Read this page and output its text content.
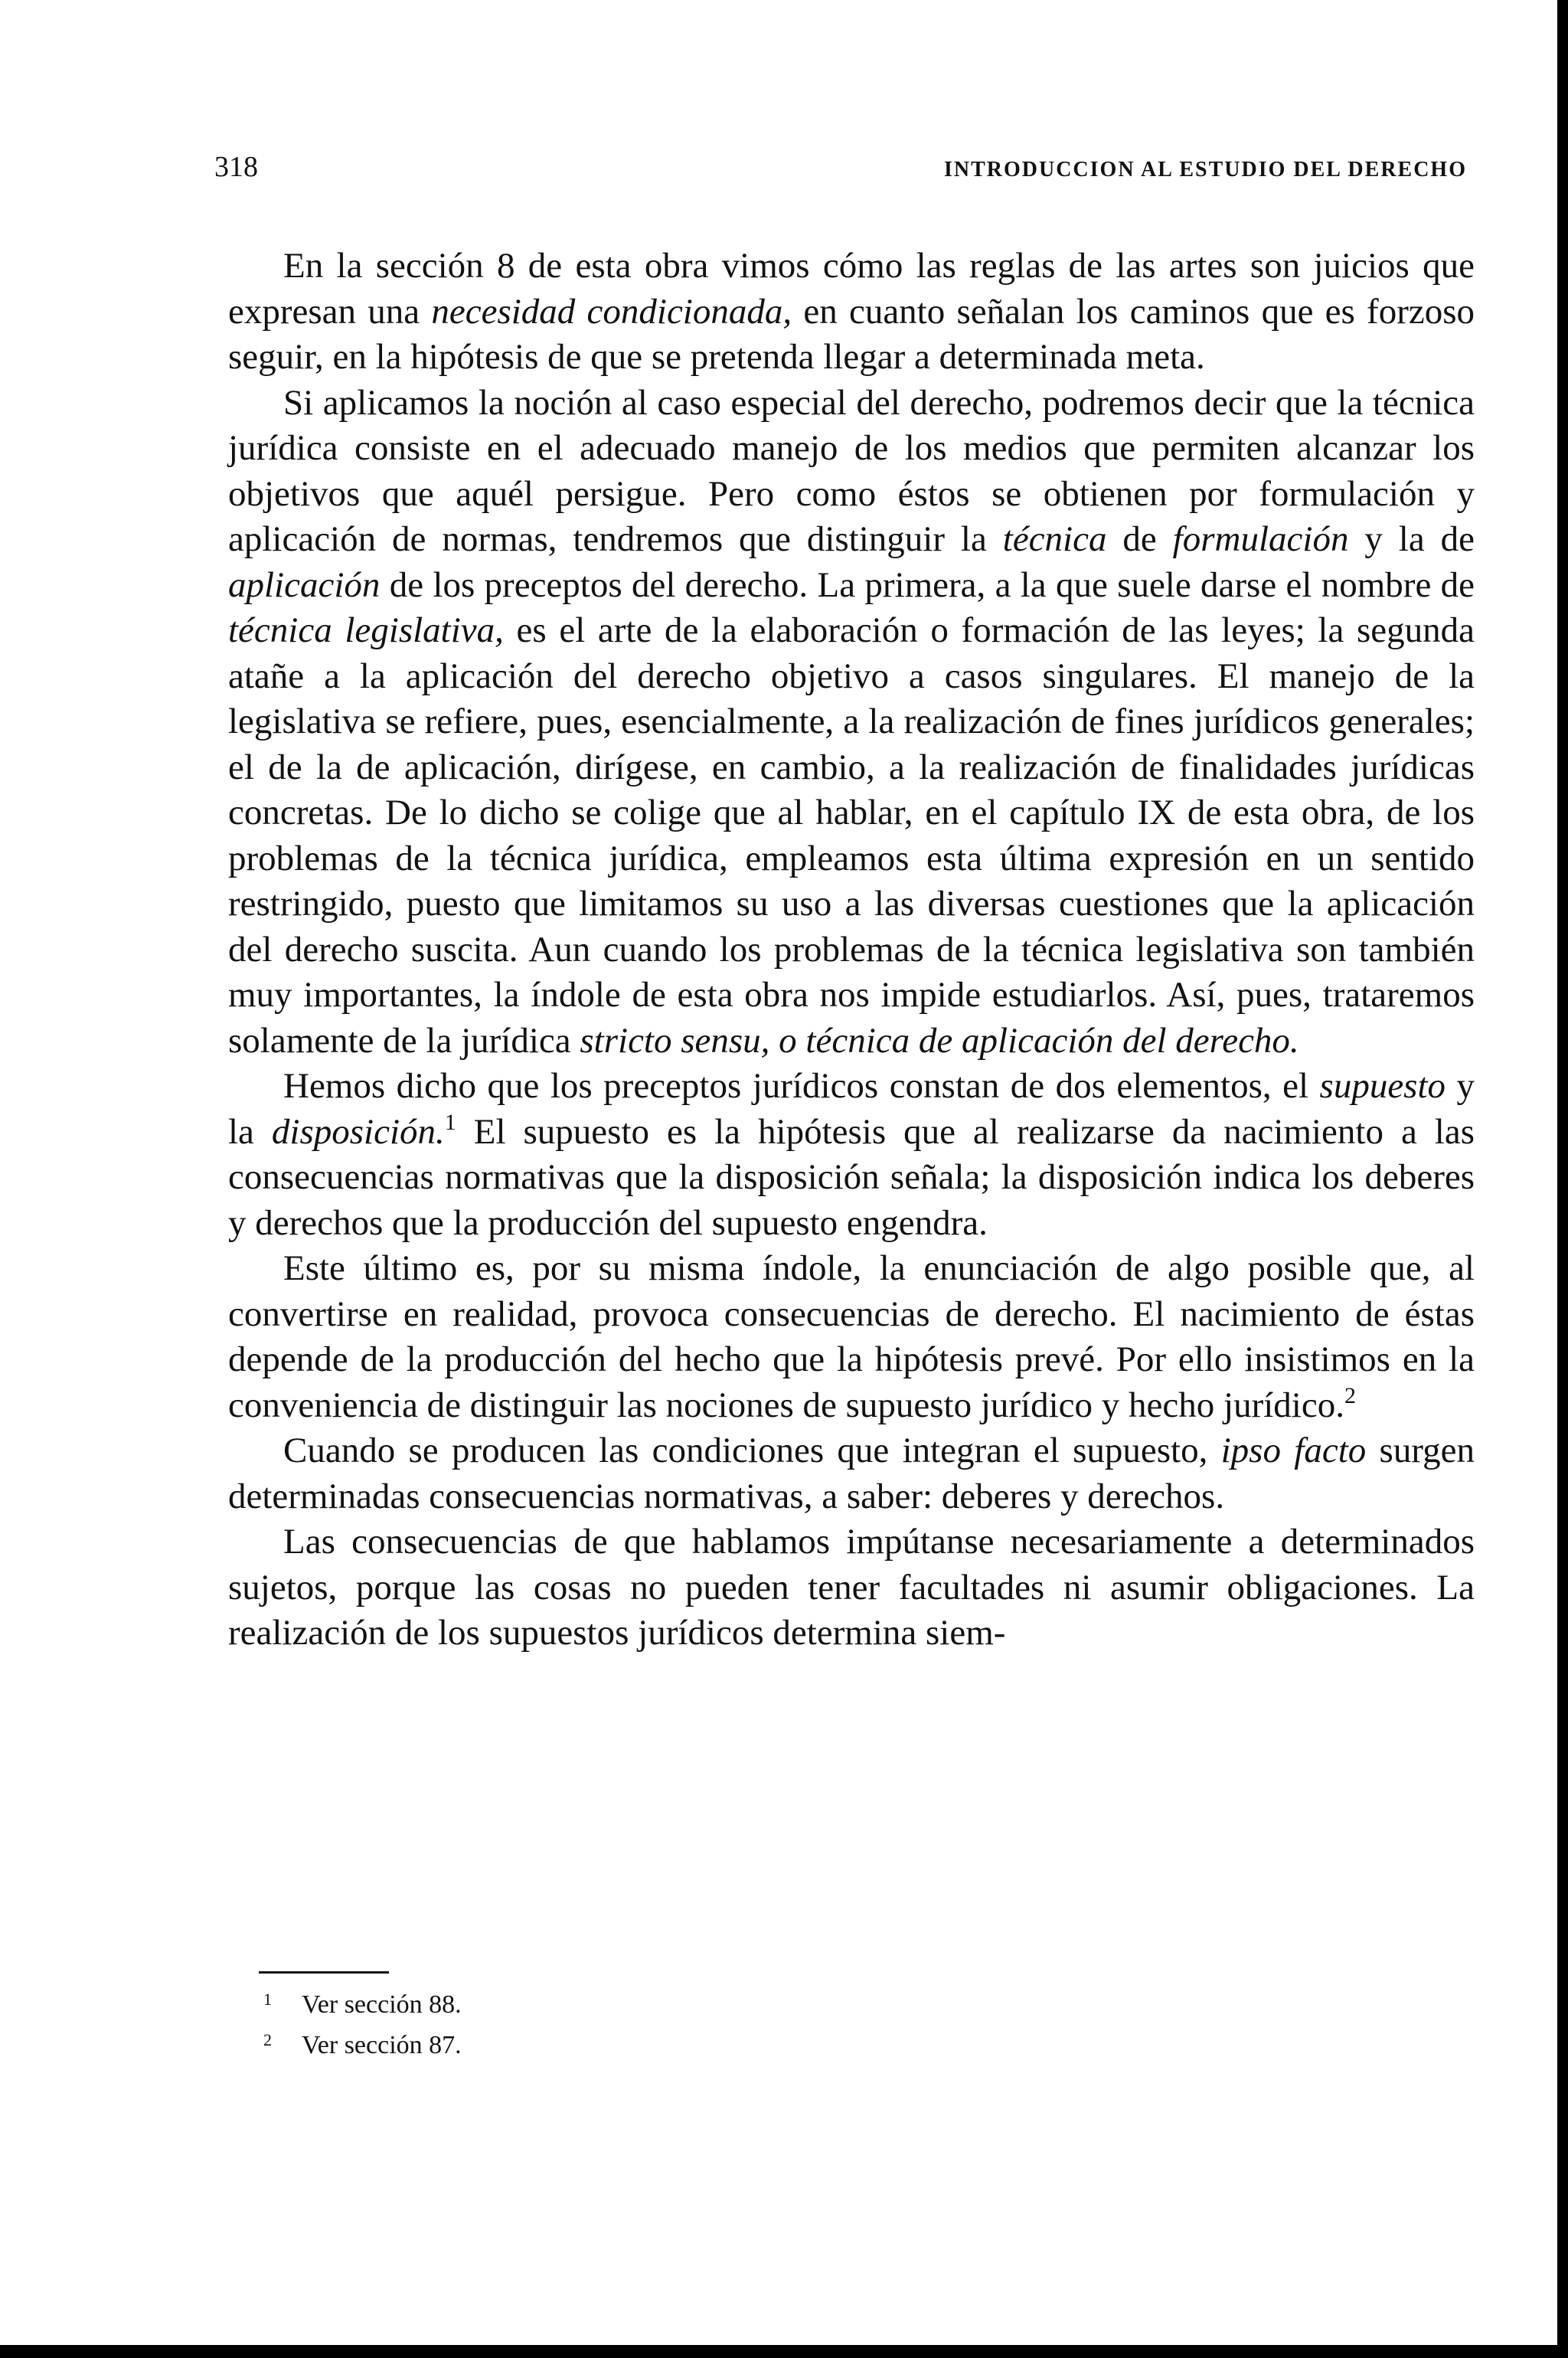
318	INTRODUCCION AL ESTUDIO DEL DERECHO

En la sección 8 de esta obra vimos cómo las reglas de las artes son juicios que expresan una necesidad condicionada, en cuanto señalan los caminos que es forzoso seguir, en la hipótesis de que se pretenda llegar a determinada meta.

Si aplicamos la noción al caso especial del derecho, podremos decir que la técnica jurídica consiste en el adecuado manejo de los medios que permiten alcanzar los objetivos que aquél persigue. Pero como éstos se obtienen por formulación y aplicación de normas, tendremos que distinguir la técnica de formulación y la de aplicación de los preceptos del derecho. La primera, a la que suele darse el nombre de técnica legislativa, es el arte de la elaboración o formación de las leyes; la segunda atañe a la aplicación del derecho objetivo a casos singulares. El manejo de la legislativa se refiere, pues, esencialmente, a la realización de fines jurídicos generales; el de la de aplicación, dirígese, en cambio, a la realización de finalidades jurídicas concretas. De lo dicho se colige que al hablar, en el capítulo IX de esta obra, de los problemas de la técnica jurídica, empleamos esta última expresión en un sentido restringido, puesto que limitamos su uso a las diversas cuestiones que la aplicación del derecho suscita. Aun cuando los problemas de la técnica legislativa son también muy importantes, la índole de esta obra nos impide estudiarlos. Así, pues, trataremos solamente de la jurídica stricto sensu, o técnica de aplicación del derecho.

Hemos dicho que los preceptos jurídicos constan de dos elementos, el supuesto y la disposición.$^1$ El supuesto es la hipótesis que al realizarse da nacimiento a las consecuencias normativas que la disposición señala; la disposición indica los deberes y derechos que la producción del supuesto engendra.

Este último es, por su misma índole, la enunciación de algo posible que, al convertirse en realidad, provoca consecuencias de derecho. El nacimiento de éstas depende de la producción del hecho que la hipótesis prevé. Por ello insistimos en la conveniencia de distinguir las nociones de supuesto jurídico y hecho jurídico.$^2$

Cuando se producen las condiciones que integran el supuesto, ipso facto surgen determinadas consecuencias normativas, a saber: deberes y derechos.

Las consecuencias de que hablamos impútanse necesariamente a determinados sujetos, porque las cosas no pueden tener facultades ni asumir obligaciones. La realización de los supuestos jurídicos determina siem-

1 Ver sección 88.
2 Ver sección 87.
